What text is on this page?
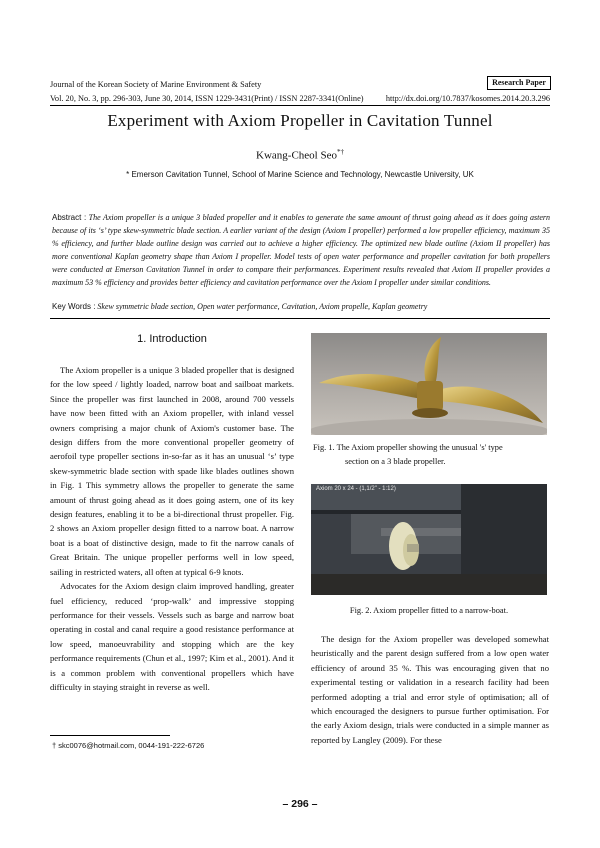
Journal of the Korean Society of Marine Environment & Safety	Research Paper
Vol. 20, No. 3, pp. 296-303, June 30, 2014, ISSN 1229-3431(Print) / ISSN 2287-3341(Online)	http://dx.doi.org/10.7837/kosomes.2014.20.3.296
Experiment with Axiom Propeller in Cavitation Tunnel
Kwang-Cheol Seo*†
* Emerson Cavitation Tunnel, School of Marine Science and Technology, Newcastle University, UK
Abstract : The Axiom propeller is a unique 3 bladed propeller and it enables to generate the same amount of thrust going ahead as it does going astern because of its ‘s’ type skew-symmetric blade section. A earlier variant of the design (Axiom I propeller) performed a low propeller efficiency, maximum 35 % efficiency, and further blade outline design was carried out to achieve a higher efficiency. The optimized new blade outline (Axiom II propeller) has more conventional Kaplan geometry shape than Axiom I propeller. Model tests of open water performance and propeller cavitation for both propellers were conducted at Emerson Cavitation Tunnel in order to compare their performances. Experiment results revealed that Axiom II propeller provides a maximum 53 % efficiency and provides better efficiency and cavitation performance over the Axiom I propeller under similar conditions.
Key Words : Skew symmetric blade section, Open water performance, Cavitation, Axiom propelle, Kaplan geometry
1. Introduction

The Axiom propeller is a unique 3 bladed propeller that is designed for the low speed / lightly loaded, narrow boat and sailboat markets. Since the propeller was first launched in 2008, around 700 vessels have now been fitted with an Axiom propeller, with inland vessel owners comprising a major chunk of Axiom's customer base. The design differs from the more conventional propeller geometry of aerofoil type propeller sections in-so-far as it has an unusual ‘s’ type skew-symmetric blade section with spade like blades outlines shown in Fig. 1 This symmetry allows the propeller to generate the same amount of thrust going ahead as it does going astern, one of its key design features, enabling it to be a bi-directional thrust propeller. Fig. 2 shows an Axiom propeller design fitted to a narrow boat. A narrow boat is a boat of distinctive design, made to fit the narrow canals of Great Britain. The unique propeller performs well in low speed, sailing in restricted waters, all often at typical 6-9 knots.

Advocates for the Axiom design claim improved handling, greater fuel efficiency, reduced ‘prop-walk’ and impressive stopping performance for their vessels. Vessels such as barge and narrow boat operating in costal and canal require a good resistance performance at low speed, manoeuvrability and stopping which are the key performance requirements (Chun et al., 1997; Kim et al., 2001). And it is a common problem with conventional propellers which have difficulty in staying straight in reverse as well.

Fig. 1. The Axiom propeller showing the unusual 's' type
section on a 3 blade propeller.
Axiom 20 x 24 - (1,1/2" - 1:12)
Fig. 2. Axiom propeller fitted to a narrow-boat.

The design for the Axiom propeller was developed somewhat heuristically and the parent design suffered from a low open water efficiency of around 35 %. This was encouraging given that no experimental testing or validation in a research facility had been performed adopting a trial and error style of optimisation; all of which encouraged the designers to pursue further optimisation. For the early Axiom design, trials were conducted in a simple manner as reported by Langley (2009). For these

† skc0076@hotmail.com, 0044-191-222-6726
– 296 –
